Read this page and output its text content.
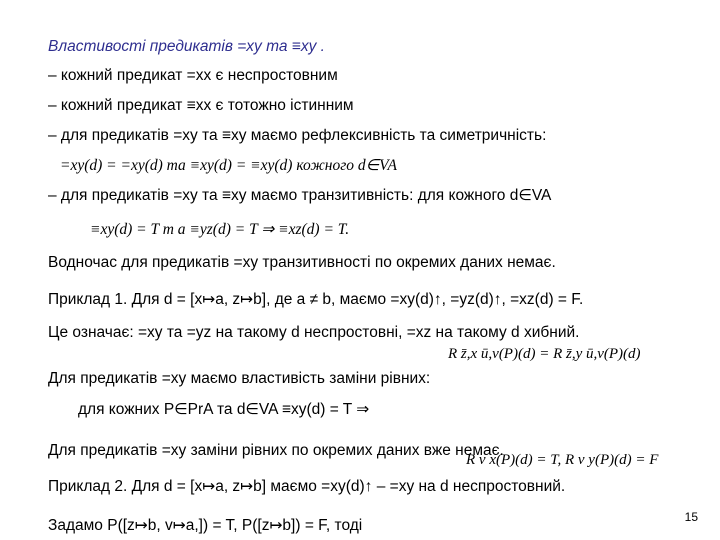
Властивості предикатів =xy та ≡xy .
– кожний предикат =xx є неспростовним
– кожний предикат ≡xx є тотожно істинним
– для предикатів =xy та ≡xy маємо рефлексивність та симетричність:
=xy(d) = =xy(d) та ≡xy(d) = ≡xy(d) кожного d∈VA
– для предикатів =xy та ≡xy маємо транзитивність: для кожного d∈VA
≡xy(d) = T т а ≡yz(d) = T ⇒ ≡xz(d) = T.
Водночас для предикатів =xy транзитивності по окремих даних немає.
Приклад 1. Для d = [x↦a, z↦b], де a ≠ b, маємо =xy(d)↑, =yz(d)↑, =xz(d) = F.
Це означає: =xy та =yz на такому d неспростовні, =xz на такому d хибний.
R z̄,x ū,v(P)(d) = R z̄,y ū,v(P)(d)
Для предикатів =xy маємо властивість заміни рівних:
для кожних P∈PrA та d∈VA ≡xy(d) = T ⇒
Для предикатів =xy заміни рівних по окремих даних вже немає.
R v x(P)(d) = T, R v y(P)(d) = F
Приклад 2. Для d = [x↦a, z↦b] маємо =xy(d)↑ – =xy на d неспростовний.
Задамо P([z↦b, v↦a,]) = T, P([z↦b]) = F, тоді	15
